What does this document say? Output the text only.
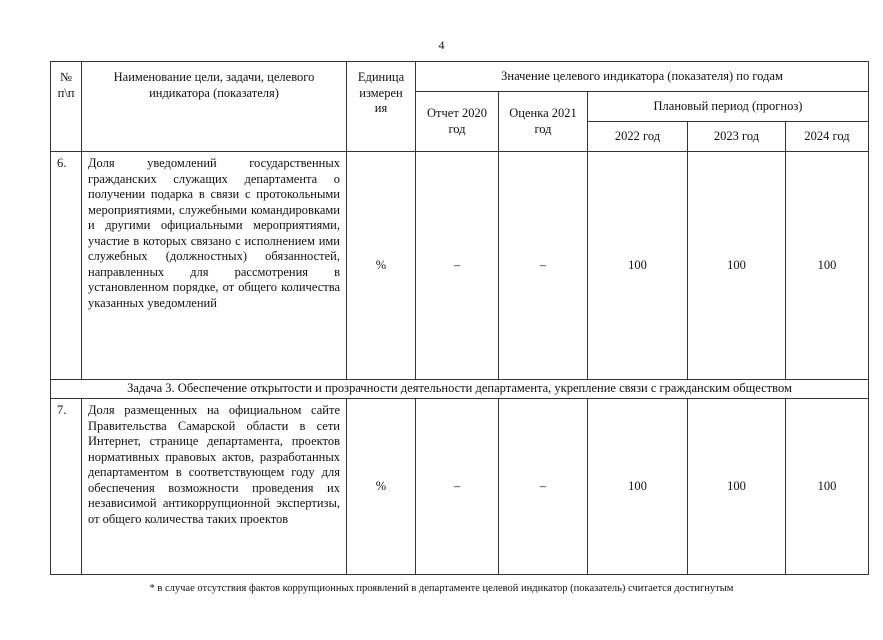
4
№
п\п	Наименование цели, задачи, целевого индикатора (показателя)	Единица измерен ия	Значение целевого индикатора (показателя) по годам				
			Отчет 2020 год	Оценка 2021 год	Плановый период (прогноз)		
					2022 год	2023 год	2024 год
6.	Доля уведомлений государственных гражданских служащих департамента о получении подарка в связи с протокольными мероприятиями, служебными командировками и другими официальными мероприятиями, участие в которых связано с исполнением ими служебных (должностных) обязанностей, направленных для рассмотрения в установленном порядке, от общего количества указанных уведомлений	%	–	–	100	100	100
Задача 3. Обеспечение открытости и прозрачности деятельности департамента, укрепление связи с гражданским обществом							
7.	Доля размещенных на официальном сайте Правительства Самарской области в сети Интернет, странице департамента, проектов нормативных правовых актов, разработанных департаментом в соответствующем году для обеспечения возможности проведения их независимой антикоррупционной экспертизы, от общего количества таких проектов	%	–	–	100	100	100
* в случае отсутствия фактов коррупционных проявлений в департаменте целевой индикатор (показатель) считается достигнутым
